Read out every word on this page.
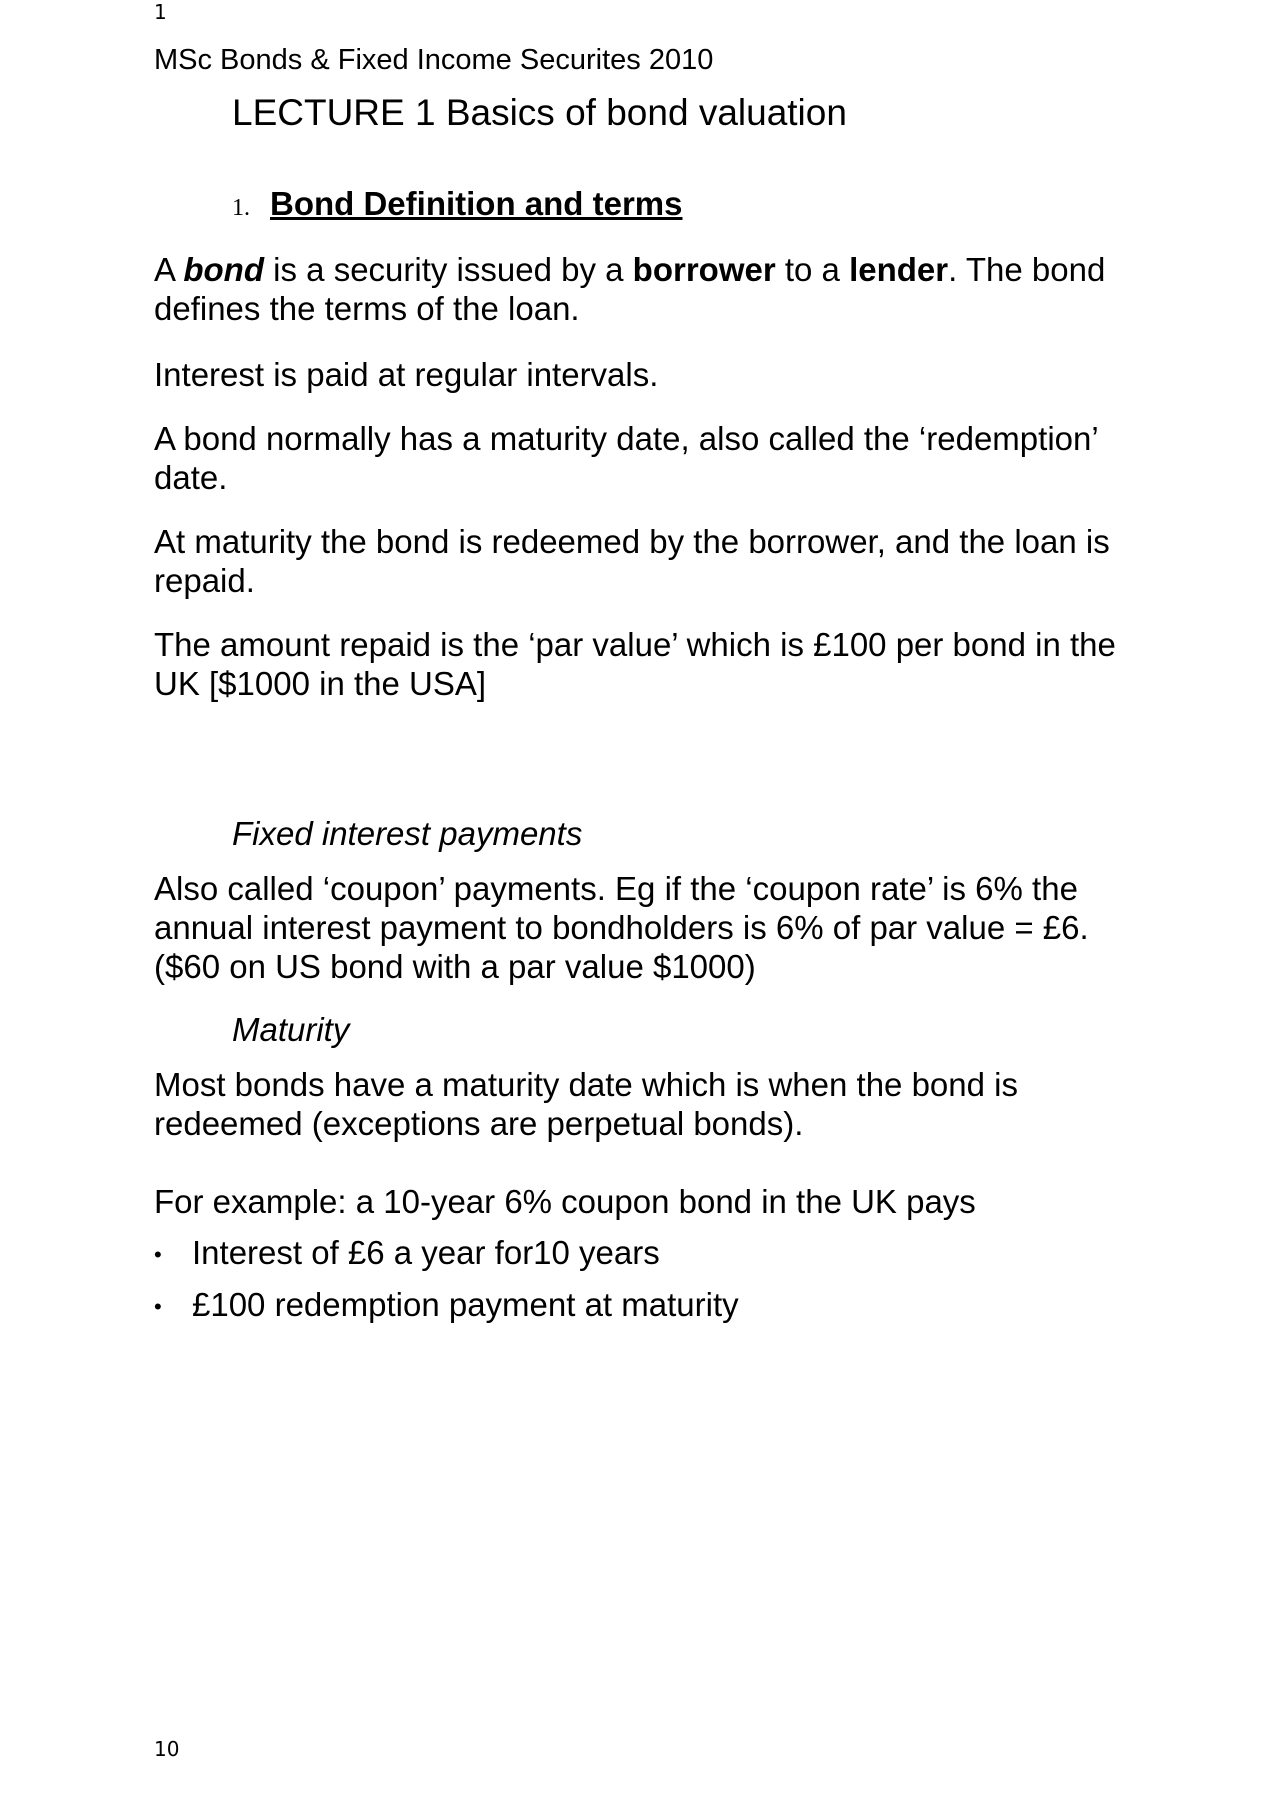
1
MSc Bonds & Fixed Income Securites 2010
LECTURE 1 Basics of bond valuation
1. Bond Definition and terms
A bond is a security issued by a borrower to a lender. The bond defines the terms of the loan.
Interest is paid at regular intervals.
A bond normally has a maturity date, also called the ‘redemption’ date.
At maturity the bond is redeemed by the borrower, and the loan is repaid.
The amount repaid is the ‘par value’ which is £100 per bond in the UK [$1000 in the USA]
Fixed interest payments
Also called ‘coupon’ payments. Eg if the ‘coupon rate’ is 6% the annual interest payment to bondholders is 6% of par value = £6. ($60 on US bond with a par value $1000)
Maturity
Most bonds have a maturity date which is when the bond is redeemed (exceptions are perpetual bonds).
For example: a 10-year 6% coupon bond in the UK pays
• Interest of £6 a year for10 years
• £100 redemption payment at maturity
10
